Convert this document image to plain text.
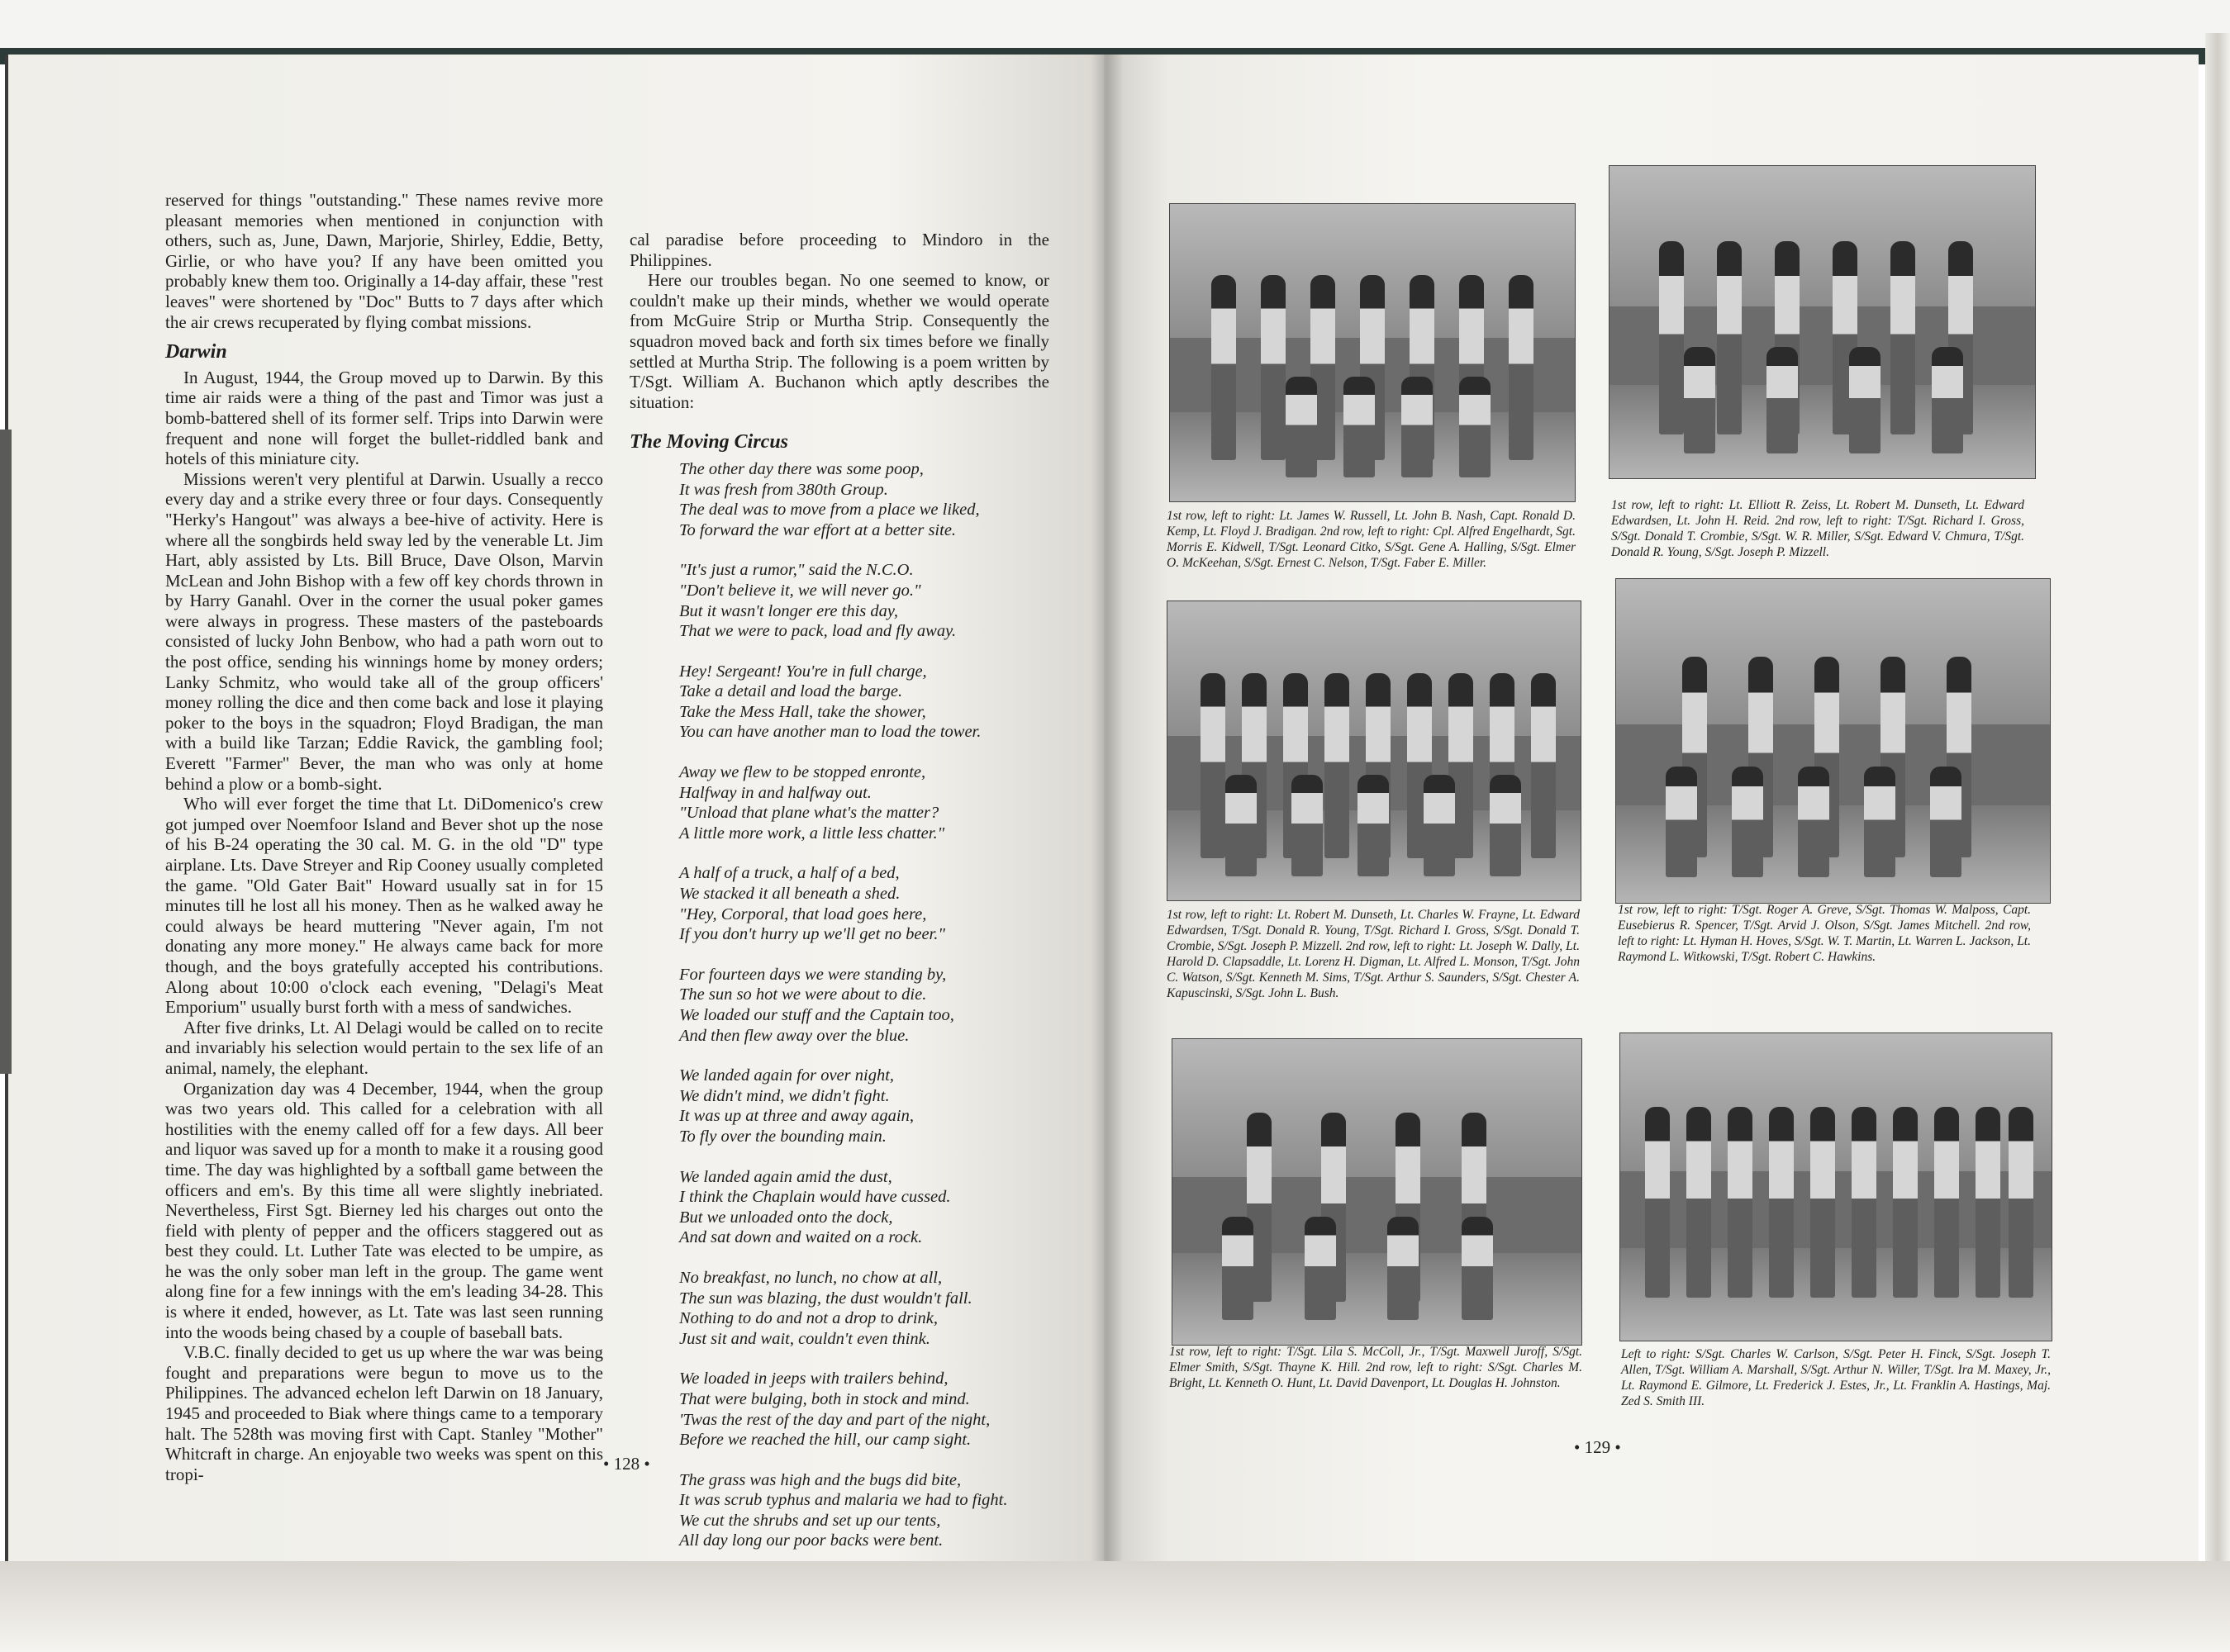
reserved for things "outstanding." These names revive more pleasant memories when mentioned in conjunction with others, such as, June, Dawn, Marjorie, Shirley, Eddie, Betty, Girlie, or who have you? If any have been omitted you probably knew them too. Originally a 14-day affair, these "rest leaves" were shortened by "Doc" Butts to 7 days after which the air crews recuperated by flying combat missions.

Darwin

In August, 1944, the Group moved up to Darwin. By this time air raids were a thing of the past and Timor was just a bomb-battered shell of its former self. Trips into Darwin were frequent and none will forget the bullet-riddled bank and hotels of this miniature city.

Missions weren't very plentiful at Darwin. Usually a recco every day and a strike every three or four days. Consequently "Herky's Hangout" was always a bee-hive of activity. Here is where all the songbirds held sway led by the venerable Lt. Jim Hart, ably assisted by Lts. Bill Bruce, Dave Olson, Marvin McLean and John Bishop with a few off key chords thrown in by Harry Ganahl. Over in the corner the usual poker games were always in progress. These masters of the pasteboards consisted of lucky John Benbow, who had a path worn out to the post office, sending his winnings home by money orders; Lanky Schmitz, who would take all of the group officers' money rolling the dice and then come back and lose it playing poker to the boys in the squadron; Floyd Bradigan, the man with a build like Tarzan; Eddie Ravick, the gambling fool; Everett "Farmer" Bever, the man who was only at home behind a plow or a bomb-sight.

Who will ever forget the time that Lt. DiDomenico's crew got jumped over Noemfoor Island and Bever shot up the nose of his B-24 operating the 30 cal. M. G. in the old "D" type airplane. Lts. Dave Streyer and Rip Cooney usually completed the game. "Old Gater Bait" Howard usually sat in for 15 minutes till he lost all his money. Then as he walked away he could always be heard muttering "Never again, I'm not donating any more money." He always came back for more though, and the boys gratefully accepted his contributions. Along about 10:00 o'clock each evening, "Delagi's Meat Emporium" usually burst forth with a mess of sandwiches.

After five drinks, Lt. Al Delagi would be called on to recite and invariably his selection would pertain to the sex life of an animal, namely, the elephant.

Organization day was 4 December, 1944, when the group was two years old. This called for a celebration with all hostilities with the enemy called off for a few days. All beer and liquor was saved up for a month to make it a rousing good time. The day was highlighted by a softball game between the officers and em's. By this time all were slightly inebriated. Nevertheless, First Sgt. Bierney led his charges out onto the field with plenty of pepper and the officers staggered out as best they could. Lt. Luther Tate was elected to be umpire, as he was the only sober man left in the group. The game went along fine for a few innings with the em's leading 34-28. This is where it ended, however, as Lt. Tate was last seen running into the woods being chased by a couple of baseball bats.

V.B.C. finally decided to get us up where the war was being fought and preparations were begun to move us to the Philippines. The advanced echelon left Darwin on 18 January, 1945 and proceeded to Biak where things came to a temporary halt. The 528th was moving first with Capt. Stanley "Mother" Whitcraft in charge. An enjoyable two weeks was spent on this tropi-

cal paradise before proceeding to Mindoro in the Philippines.

Here our troubles began. No one seemed to know, or couldn't make up their minds, whether we would operate from McGuire Strip or Murtha Strip. Consequently the squadron moved back and forth six times before we finally settled at Murtha Strip. The following is a poem written by T/Sgt. William A. Buchanon which aptly describes the situation:

The Moving Circus
The other day there was some poop,
It was fresh from 380th Group.
The deal was to move from a place we liked,
To forward the war effort at a better site.
"It's just a rumor," said the N.C.O.
"Don't believe it, we will never go."
But it wasn't longer ere this day,
That we were to pack, load and fly away.
Hey! Sergeant! You're in full charge,
Take a detail and load the barge.
Take the Mess Hall, take the shower,
You can have another man to load the tower.
Away we flew to be stopped enronte,
Halfway in and halfway out.
"Unload that plane what's the matter?
A little more work, a little less chatter."
A half of a truck, a half of a bed,
We stacked it all beneath a shed.
"Hey, Corporal, that load goes here,
If you don't hurry up we'll get no beer."
For fourteen days we were standing by,
The sun so hot we were about to die.
We loaded our stuff and the Captain too,
And then flew away over the blue.
We landed again for over night,
We didn't mind, we didn't fight.
It was up at three and away again,
To fly over the bounding main.
We landed again amid the dust,
I think the Chaplain would have cussed.
But we unloaded onto the dock,
And sat down and waited on a rock.
No breakfast, no lunch, no chow at all,
The sun was blazing, the dust wouldn't fall.
Nothing to do and not a drop to drink,
Just sit and wait, couldn't even think.
We loaded in jeeps with trailers behind,
That were bulging, both in stock and mind.
'Twas the rest of the day and part of the night,
Before we reached the hill, our camp sight.
The grass was high and the bugs did bite,
It was scrub typhus and malaria we had to fight.
We cut the shrubs and set up our tents,
All day long our poor backs were bent.
• 128 •
1st row, left to right: Lt. James W. Russell, Lt. John B. Nash, Capt. Ronald D. Kemp, Lt. Floyd J. Bradigan. 2nd row, left to right: Cpl. Alfred Engelhardt, Sgt. Morris E. Kidwell, T/Sgt. Leonard Citko, S/Sgt. Gene A. Halling, S/Sgt. Elmer O. McKeehan, S/Sgt. Ernest C. Nelson, T/Sgt. Faber E. Miller.
1st row, left to right: Lt. Elliott R. Zeiss, Lt. Robert M. Dunseth, Lt. Edward Edwardsen, Lt. John H. Reid. 2nd row, left to right: T/Sgt. Richard I. Gross, S/Sgt. Donald T. Crombie, S/Sgt. W. R. Miller, S/Sgt. Edward V. Chmura, T/Sgt. Donald R. Young, S/Sgt. Joseph P. Mizzell.
1st row, left to right: Lt. Robert M. Dunseth, Lt. Charles W. Frayne, Lt. Edward Edwardsen, T/Sgt. Donald R. Young, T/Sgt. Richard I. Gross, S/Sgt. Donald T. Crombie, S/Sgt. Joseph P. Mizzell. 2nd row, left to right: Lt. Joseph W. Dally, Lt. Harold D. Clapsaddle, Lt. Lorenz H. Digman, Lt. Alfred L. Monson, T/Sgt. John C. Watson, S/Sgt. Kenneth M. Sims, T/Sgt. Arthur S. Saunders, S/Sgt. Chester A. Kapuscinski, S/Sgt. John L. Bush.
1st row, left to right: T/Sgt. Roger A. Greve, S/Sgt. Thomas W. Malposs, Capt. Eusebierus R. Spencer, T/Sgt. Arvid J. Olson, S/Sgt. James Mitchell. 2nd row, left to right: Lt. Hyman H. Hoves, S/Sgt. W. T. Martin, Lt. Warren L. Jackson, Lt. Raymond L. Witkowski, T/Sgt. Robert C. Hawkins.
1st row, left to right: T/Sgt. Lila S. McColl, Jr., T/Sgt. Maxwell Juroff, S/Sgt. Elmer Smith, S/Sgt. Thayne K. Hill. 2nd row, left to right: S/Sgt. Charles M. Bright, Lt. Kenneth O. Hunt, Lt. David Davenport, Lt. Douglas H. Johnston.
Left to right: S/Sgt. Charles W. Carlson, S/Sgt. Peter H. Finck, S/Sgt. Joseph T. Allen, T/Sgt. William A. Marshall, S/Sgt. Arthur N. Willer, T/Sgt. Ira M. Maxey, Jr., Lt. Raymond E. Gilmore, Lt. Frederick J. Estes, Jr., Lt. Franklin A. Hastings, Maj. Zed S. Smith III.
• 129 •
